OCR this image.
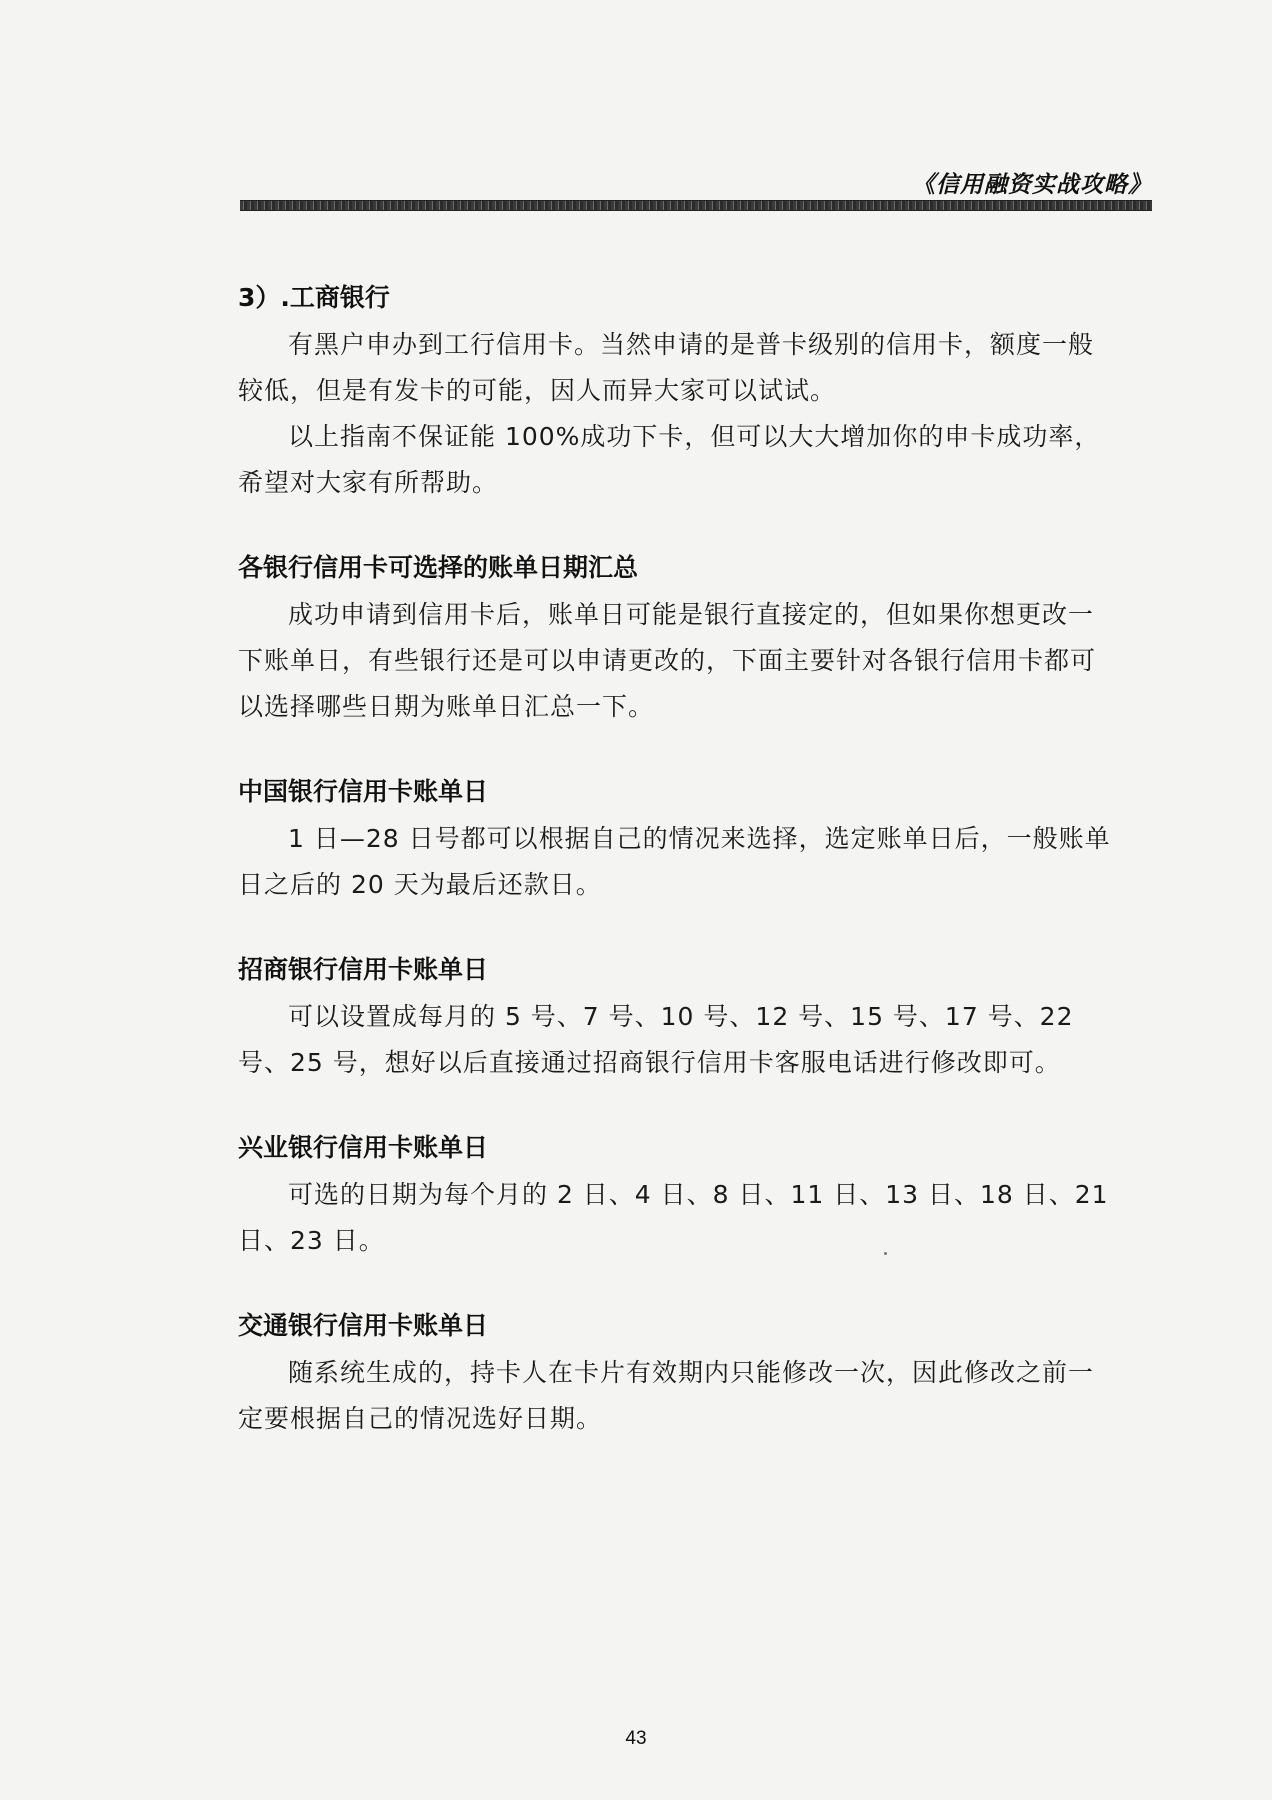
《信用融资实战攻略》
3）.工商银行

有黑户申办到工行信用卡。当然申请的是普卡级别的信用卡，额度一般较低，但是有发卡的可能，因人而异大家可以试试。

以上指南不保证能 100%成功下卡，但可以大大增加你的申卡成功率，希望对大家有所帮助。

各银行信用卡可选择的账单日期汇总

成功申请到信用卡后，账单日可能是银行直接定的，但如果你想更改一下账单日，有些银行还是可以申请更改的，下面主要针对各银行信用卡都可以选择哪些日期为账单日汇总一下。

中国银行信用卡账单日

1 日—28 日号都可以根据自己的情况来选择，选定账单日后，一般账单日之后的 20 天为最后还款日。

招商银行信用卡账单日

可以设置成每月的 5 号、7 号、10 号、12 号、15 号、17 号、22 号、25 号，想好以后直接通过招商银行信用卡客服电话进行修改即可。

兴业银行信用卡账单日

可选的日期为每个月的 2 日、4 日、8 日、11 日、13 日、18 日、21 日、23 日。

交通银行信用卡账单日

随系统生成的，持卡人在卡片有效期内只能修改一次，因此修改之前一定要根据自己的情况选好日期。

43
